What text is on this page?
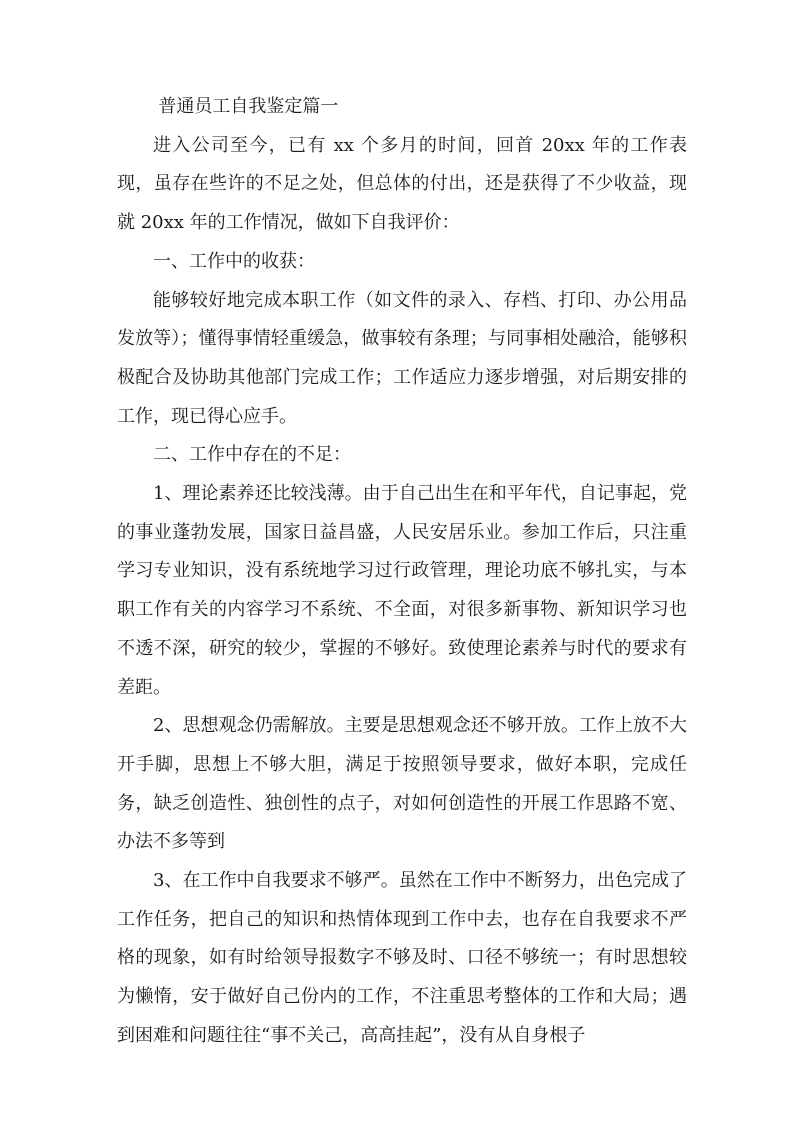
普通员工自我鉴定篇一

进入公司至今，已有 xx 个多月的时间，回首 20xx 年的工作表现，虽存在些许的不足之处，但总体的付出，还是获得了不少收益，现就 20xx 年的工作情况，做如下自我评价：

一、工作中的收获：

能够较好地完成本职工作（如文件的录入、存档、打印、办公用品发放等）；懂得事情轻重缓急，做事较有条理；与同事相处融洽，能够积极配合及协助其他部门完成工作；工作适应力逐步增强，对后期安排的工作，现已得心应手。

二、工作中存在的不足：

1、理论素养还比较浅薄。由于自己出生在和平年代，自记事起，党的事业蓬勃发展，国家日益昌盛，人民安居乐业。参加工作后，只注重学习专业知识，没有系统地学习过行政管理，理论功底不够扎实，与本职工作有关的内容学习不系统、不全面，对很多新事物、新知识学习也不透不深，研究的较少，掌握的不够好。致使理论素养与时代的要求有差距。

2、思想观念仍需解放。主要是思想观念还不够开放。工作上放不大开手脚，思想上不够大胆，满足于按照领导要求，做好本职，完成任务，缺乏创造性、独创性的点子，对如何创造性的开展工作思路不宽、办法不多等到

3、在工作中自我要求不够严。虽然在工作中不断努力，出色完成了工作任务，把自己的知识和热情体现到工作中去，也存在自我要求不严格的现象，如有时给领导报数字不够及时、口径不够统一；有时思想较为懒惰，安于做好自己份内的工作，不注重思考整体的工作和大局；遇到困难和问题往往“事不关己，高高挂起”，没有从自身根子
